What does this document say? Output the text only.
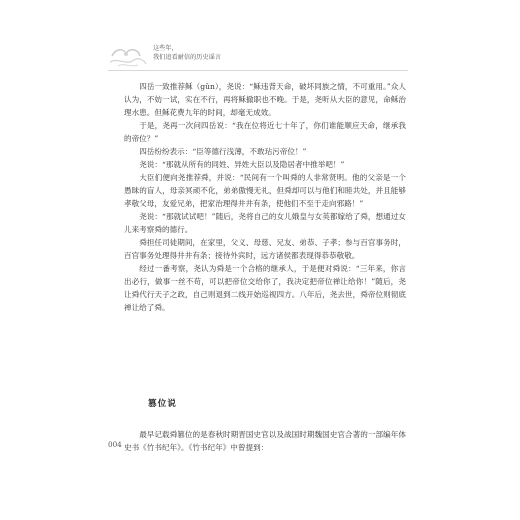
这些年，
我们追看耐信的历史谣言

四岳一致推荐稣（gǔn），尧说：“稣违背天命，破坏同族之情，不可重用。”众人认为，不妨一试，实在不行，再将稣撤职也不晚。于是，尧听从大臣的意见，命稣治理水患。但稣花费九年的时间，却毫无成效。

于是，尧再一次问四岳说：“我在位将近七十年了，你们谁能顺应天命，继承我的帝位？”

四岳纷纷表示：“臣等德行浅薄，不敢玷污帝位！”

尧说：“那就从所有的同姓、异姓大臣以及隐居者中推举吧！”

大臣们便向尧推荐舜，并说：“民间有一个叫舜的人非常贤明。他的父亲是一个愚昧的盲人，母亲冥顽不化，弟弟傲慢无礼，但舜却可以与他们和睦共处，并且能够孝敬父母，友爱兄弟，把家治理得井井有条，使他们不至于走向邪路！”

尧说：“那就试试吧！”随后，尧将自己的女儿娥皇与女英都嫁给了舜，想通过女儿来考察舜的德行。

舜担任司徒期间，在家里，父义、母慈、兄友、弟恭、子孝；参与百官事务时，百官事务处理得井井有条；接待外宾时，远方诸侯都表现得恭恭敬敬。

经过一番考察，尧认为舜是一个合格的继承人，于是便对舜说：“三年来，你言出必行，做事一丝不苟，可以把帝位交给你了，我决定把帝位禅让给你！”随后，尧让舜代行天子之政，自己则退到二线开始巡视四方。八年后，尧去世，舜帝位则彻底禅让给了舜。

篡位说

最早记载舜篡位的是春秋时期晋国史官以及战国时期魏国史官合著的一部编年体史书《竹书纪年》。《竹书纪年》中曾提到：

004
